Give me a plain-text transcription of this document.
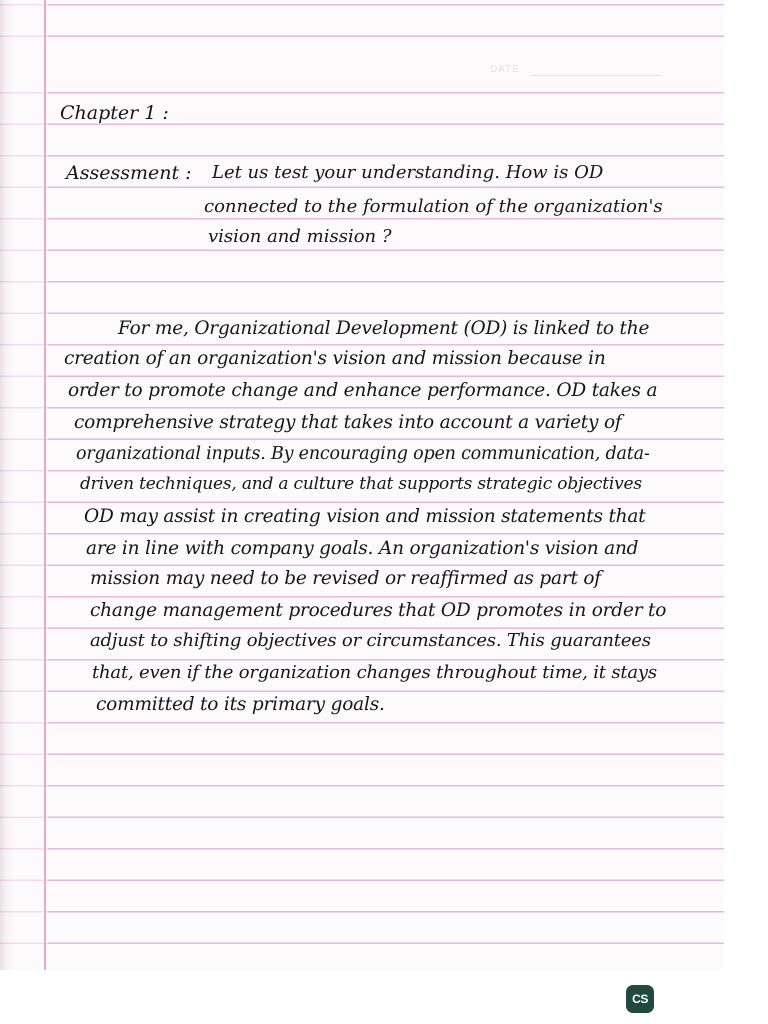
DATE
Chapter 1 :
Assessment : Let us test your understanding. How is OD
connected to the formulation of the organization's
vision and mission ?
For me, Organizational Development (OD) is linked to the
creation of an organization's vision and mission because in
order to promote change and enhance performance. OD takes a
comprehensive strategy that takes into account a variety of
organizational inputs. By encouraging open communication, data-
driven techniques, and a culture that supports strategic objectives
OD may assist in creating vision and mission statements that
are in line with company goals. An organization's vision and
mission may need to be revised or reaffirmed as part of
change management procedures that OD promotes in order to
adjust to shifting objectives or circumstances. This guarantees
that, even if the organization changes throughout time, it stays
committed to its primary goals.
CS
